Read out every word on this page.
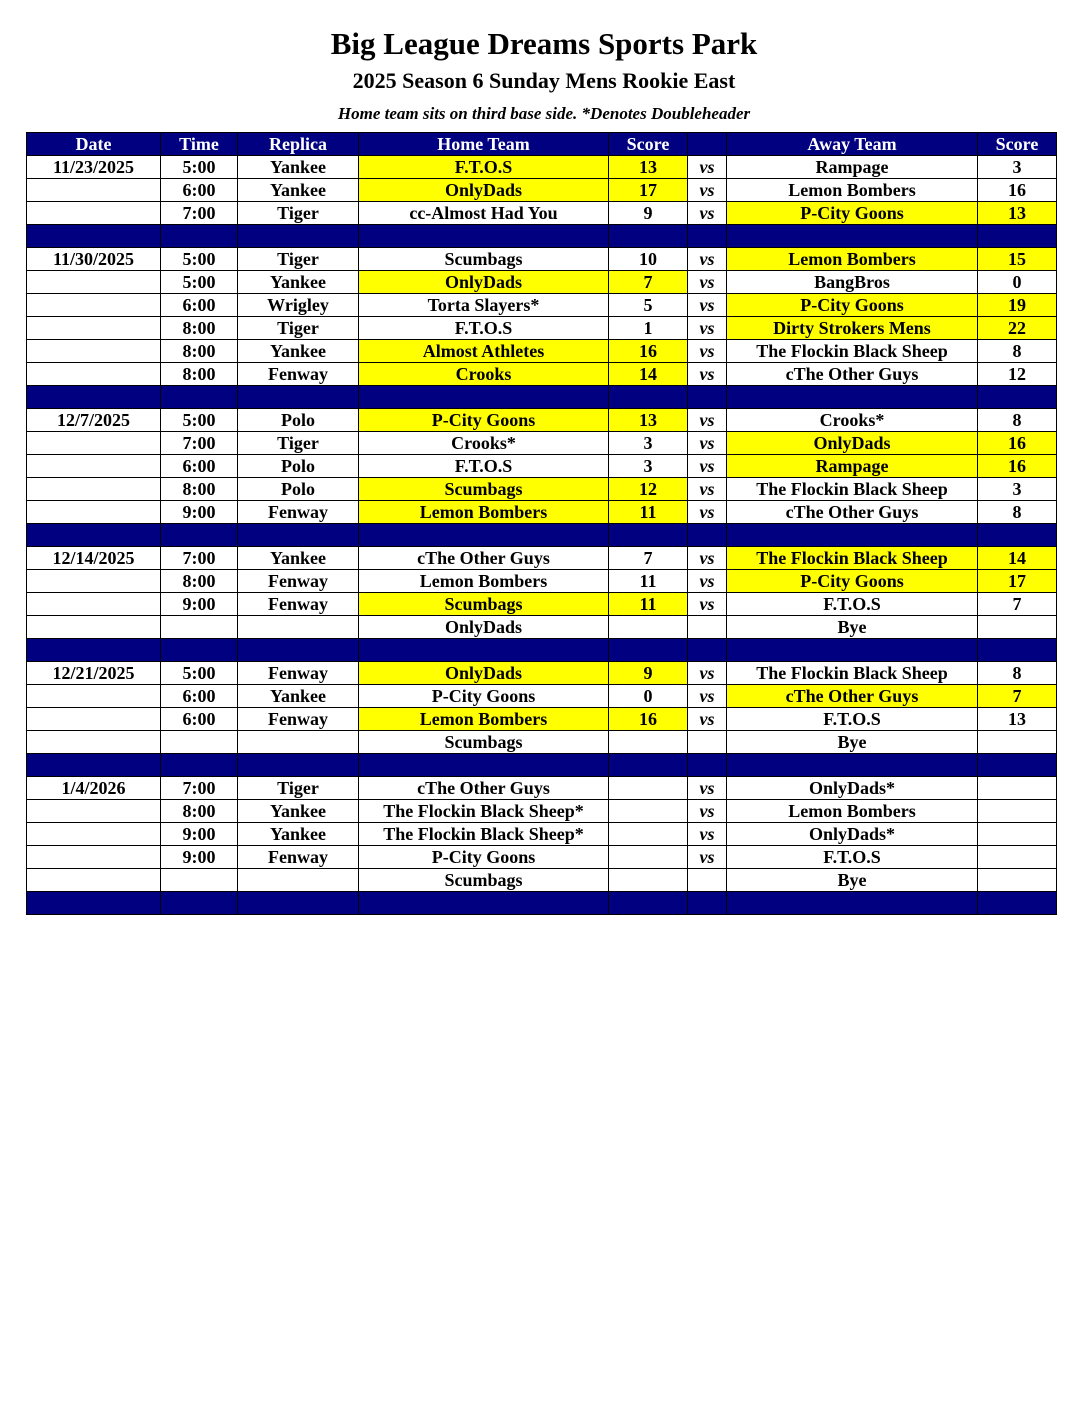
Big League Dreams Sports Park
2025 Season 6 Sunday Mens Rookie East
Home team sits on third base side. *Denotes Doubleheader
Date	Time	Replica	Home Team	Score		Away Team	Score
11/23/2025	5:00	Yankee	F.T.O.S	13	vs	Rampage	3
	6:00	Yankee	OnlyDads	17	vs	Lemon Bombers	16
	7:00	Tiger	cc-Almost Had You	9	vs	P-City Goons	13

11/30/2025	5:00	Tiger	Scumbags	10	vs	Lemon Bombers	15
	5:00	Yankee	OnlyDads	7	vs	BangBros	0
	6:00	Wrigley	Torta Slayers*	5	vs	P-City Goons	19
	8:00	Tiger	F.T.O.S	1	vs	Dirty Strokers Mens	22
	8:00	Yankee	Almost Athletes	16	vs	The Flockin Black Sheep	8
	8:00	Fenway	Crooks	14	vs	cThe Other Guys	12

12/7/2025	5:00	Polo	P-City Goons	13	vs	Crooks*	8
	7:00	Tiger	Crooks*	3	vs	OnlyDads	16
	6:00	Polo	F.T.O.S	3	vs	Rampage	16
	8:00	Polo	Scumbags	12	vs	The Flockin Black Sheep	3
	9:00	Fenway	Lemon Bombers	11	vs	cThe Other Guys	8

12/14/2025	7:00	Yankee	cThe Other Guys	7	vs	The Flockin Black Sheep	14
	8:00	Fenway	Lemon Bombers	11	vs	P-City Goons	17
	9:00	Fenway	Scumbags	11	vs	F.T.O.S	7
			OnlyDads			Bye	

12/21/2025	5:00	Fenway	OnlyDads	9	vs	The Flockin Black Sheep	8
	6:00	Yankee	P-City Goons	0	vs	cThe Other Guys	7
	6:00	Fenway	Lemon Bombers	16	vs	F.T.O.S	13
			Scumbags			Bye	

1/4/2026	7:00	Tiger	cThe Other Guys		vs	OnlyDads*	
	8:00	Yankee	The Flockin Black Sheep*		vs	Lemon Bombers	
	9:00	Yankee	The Flockin Black Sheep*		vs	OnlyDads*	
	9:00	Fenway	P-City Goons		vs	F.T.O.S	
			Scumbags			Bye	
